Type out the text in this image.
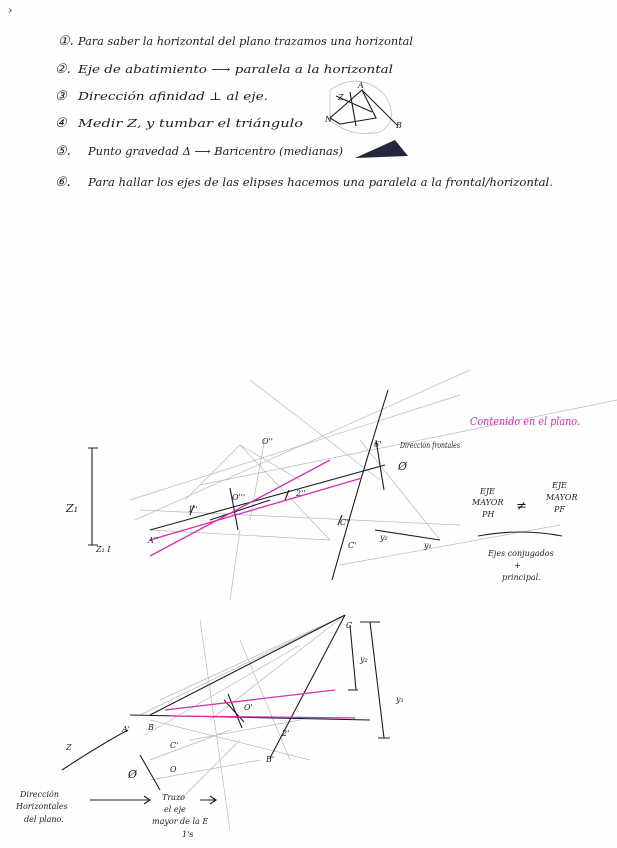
›
①. Para saber la horizontal del plano trazamos una horizontal
②. Eje de abatimiento ⟶ paralela a la horizontal
③ Dirección afinidad ⊥ al eje.
④ Medir Z, y tumbar el triángulo
⑤. Punto gravedad Δ ⟶ Baricentro (medianas)
⑥. Para hallar los ejes de las elipses hacemos una paralela a la frontal/horizontal.
Z
A
B
N
Contenido en el plano.
Dirección frontales
Z₁
Z₁ I
O''
O'''
A''
1''
2''
C''
C'
6'
y₂
y₁
Ø
EJE
MAYOR
PH
≠
EJE
MAYOR
PF
Ejes conjugados
+
principal.
C
O'
2'
A'
B'
B
C'
O
Z
y₂
y₁
Ø
Dirección
Horizontales
del plano.
Trazo
el eje
mayor de la E
1's
